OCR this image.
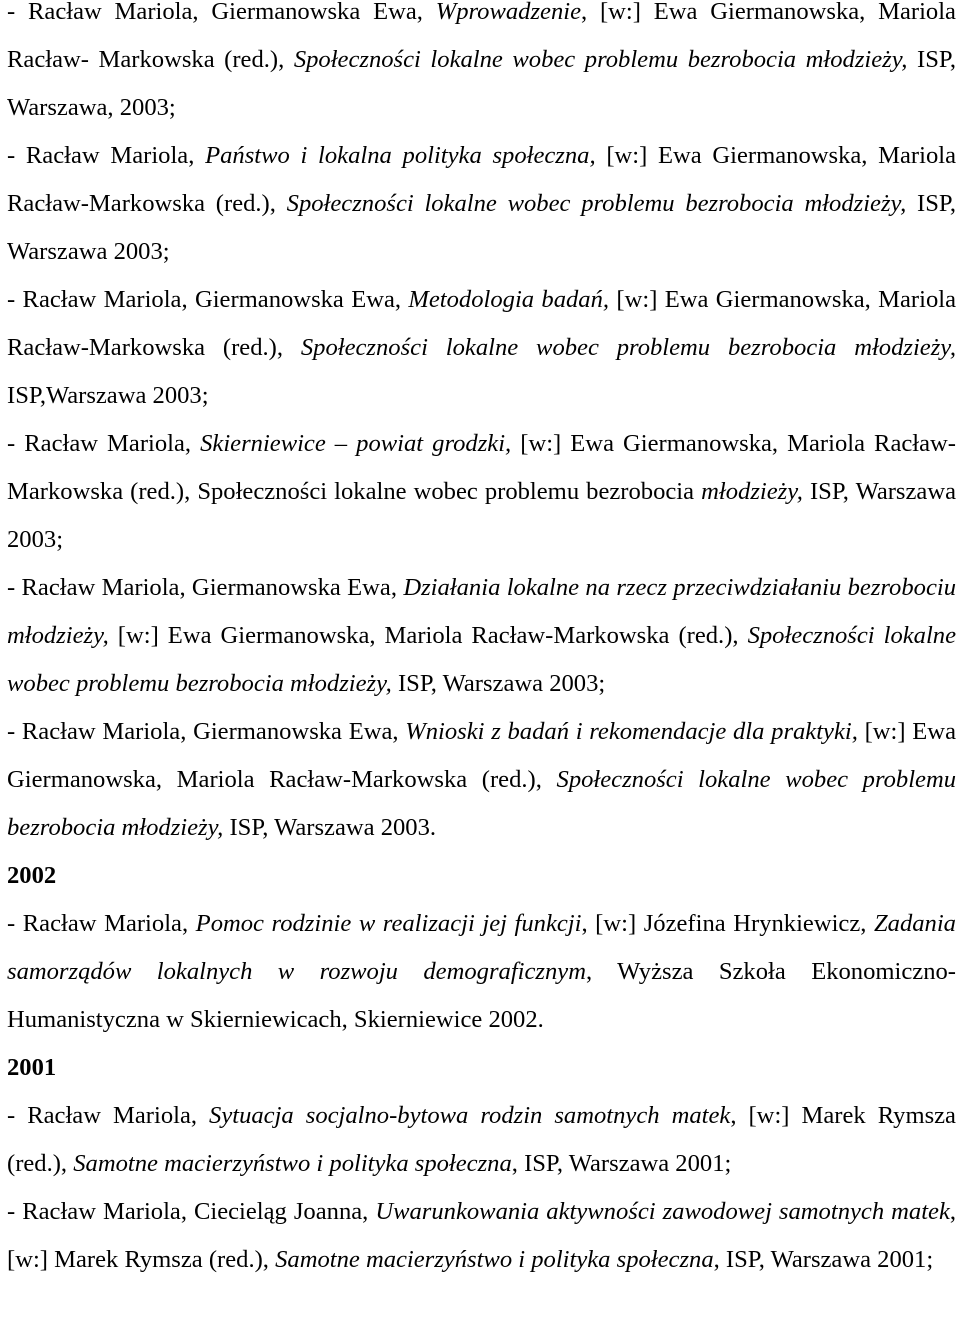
- Racław Mariola, Giermanowska Ewa, Wprowadzenie, [w:] Ewa Giermanowska, Mariola Racław- Markowska (red.), Społeczności lokalne wobec problemu bezrobocia młodzieży, ISP, Warszawa, 2003;

- Racław Mariola, Państwo i lokalna polityka społeczna, [w:] Ewa Giermanowska, Mariola Racław-Markowska (red.), Społeczności lokalne wobec problemu bezrobocia młodzieży, ISP, Warszawa 2003;

- Racław Mariola, Giermanowska Ewa, Metodologia badań, [w:] Ewa Giermanowska, Mariola Racław-Markowska (red.), Społeczności lokalne wobec problemu bezrobocia młodzieży, ISP,Warszawa 2003;

- Racław Mariola, Skierniewice – powiat grodzki, [w:] Ewa Giermanowska, Mariola Racław-Markowska (red.), Społeczności lokalne wobec problemu bezrobocia młodzieży, ISP, Warszawa 2003;

- Racław Mariola, Giermanowska Ewa, Działania lokalne na rzecz przeciwdziałaniu bezrobociu młodzieży, [w:] Ewa Giermanowska, Mariola Racław-Markowska (red.), Społeczności lokalne wobec problemu bezrobocia młodzieży, ISP, Warszawa 2003;

- Racław Mariola, Giermanowska Ewa, Wnioski z badań i rekomendacje dla praktyki, [w:] Ewa Giermanowska, Mariola Racław-Markowska (red.), Społeczności lokalne wobec problemu bezrobocia młodzieży, ISP, Warszawa 2003.

2002

- Racław Mariola, Pomoc rodzinie w realizacji jej funkcji, [w:] Józefina Hrynkiewicz, Zadania samorządów lokalnych w rozwoju demograficznym, Wyższa Szkoła Ekonomiczno-Humanistyczna w Skierniewicach, Skierniewice 2002.

2001

- Racław Mariola, Sytuacja socjalno-bytowa rodzin samotnych matek, [w:] Marek Rymsza (red.), Samotne macierzyństwo i polityka społeczna, ISP, Warszawa 2001;

- Racław Mariola, Ciecieląg Joanna, Uwarunkowania aktywności zawodowej samotnych matek, [w:] Marek Rymsza (red.), Samotne macierzyństwo i polityka społeczna, ISP, Warszawa 2001;
